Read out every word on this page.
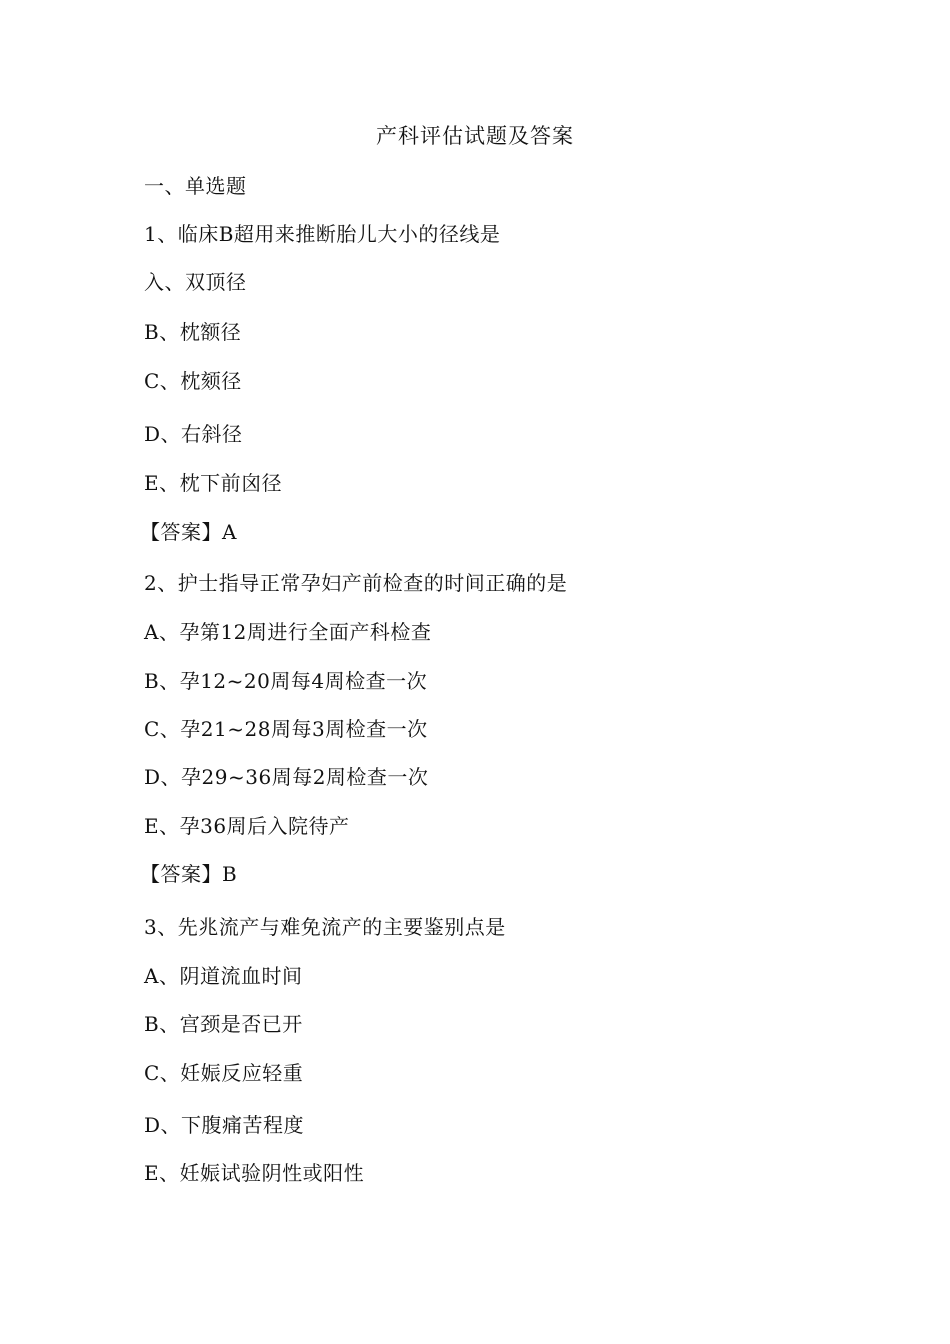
产科评估试题及答案
一、单选题
1、临床B超用来推断胎儿大小的径线是
入、双顶径
B、枕额径
C、枕颏径
D、右斜径
E、枕下前囟径
【答案】A
2、护士指导正常孕妇产前检查的时间正确的是
A、孕第12周进行全面产科检查
B、孕12~20周每4周检查一次
C、孕21~28周每3周检查一次
D、孕29~36周每2周检查一次
E、孕36周后入院待产
【答案】B
3、先兆流产与难免流产的主要鉴别点是
A、阴道流血时间
B、宫颈是否已开
C、妊娠反应轻重
D、下腹痛苦程度
E、妊娠试验阴性或阳性
